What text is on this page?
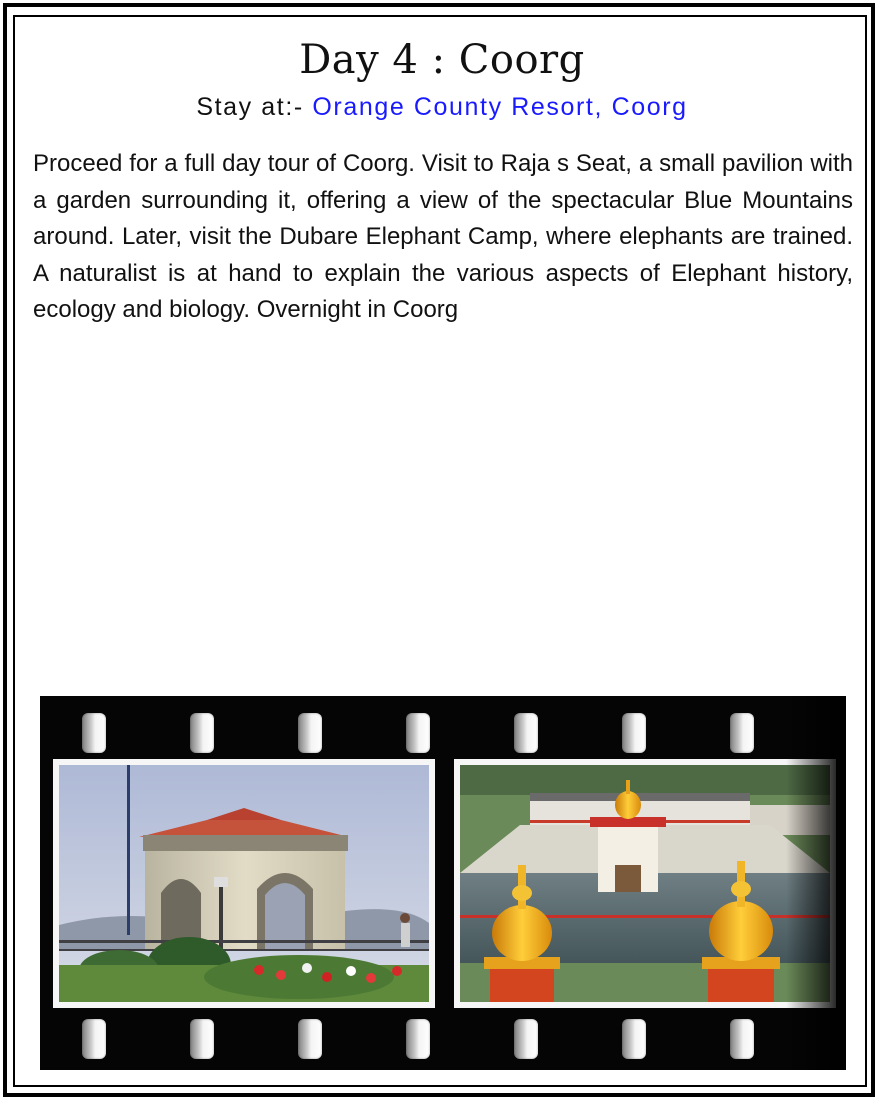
Day 4 : Coorg
Stay at:- Orange County Resort, Coorg

Proceed for a full day tour of Coorg. Visit to Raja s Seat, a small pavilion with a garden surrounding it, offering a view of the spectacular Blue Mountains around. Later, visit the Dubare Elephant Camp, where elephants are trained. A naturalist is at hand to explain the various aspects of Elephant history, ecology and biology. Overnight in Coorg
